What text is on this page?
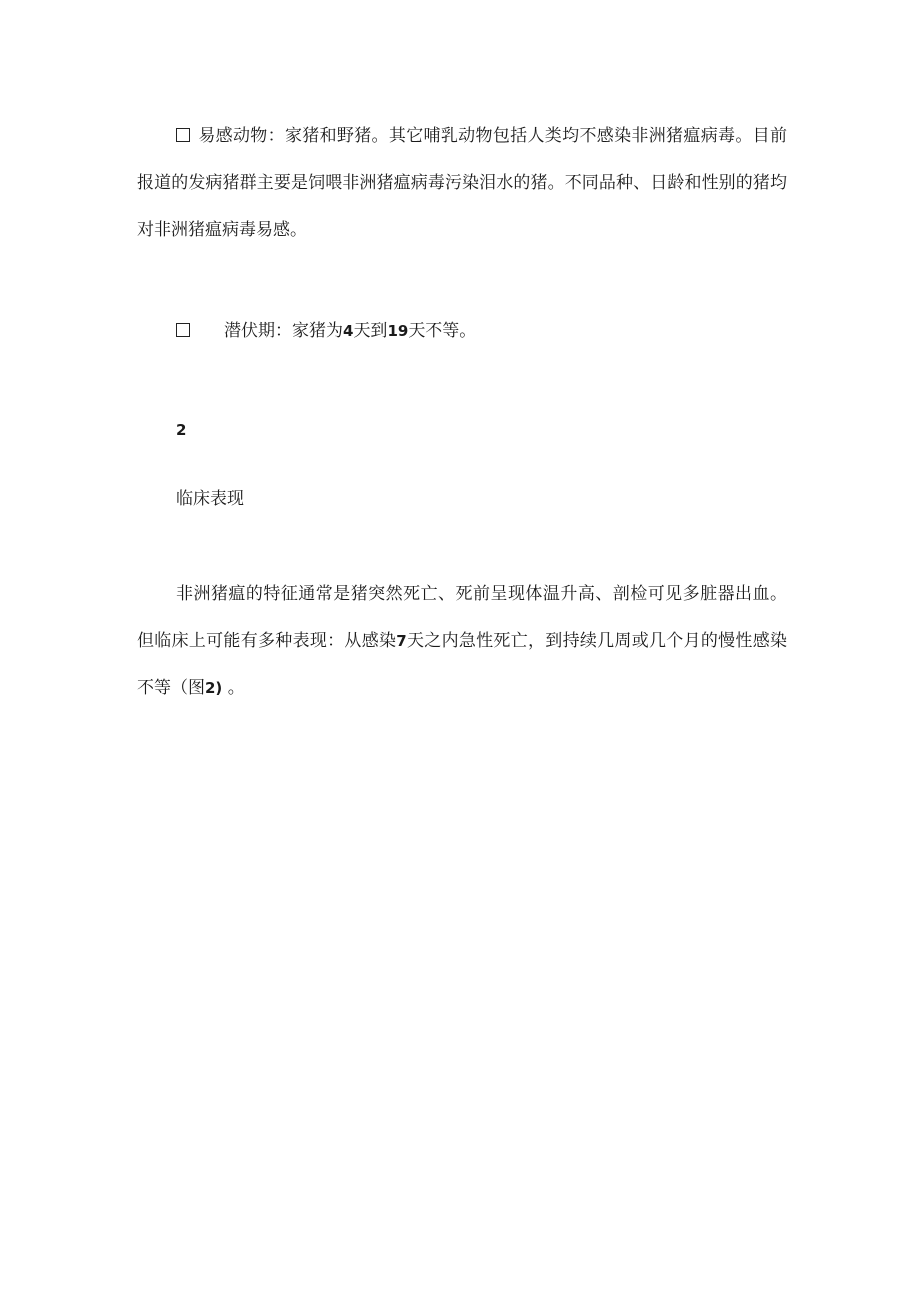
易感动物：家猪和野猪。其它哺乳动物包括人类均不感染非洲猪瘟病毒。目前报道的发病猪群主要是饲喂非洲猪瘟病毒污染泪水的猪。不同品种、日龄和性别的猪均对非洲猪瘟病毒易感。

潜伏期：家猪为4天到19天不等。
2
临床表现

非洲猪瘟的特征通常是猪突然死亡、死前呈现体温升高、剖检可见多脏器出血。但临床上可能有多种表现：从感染7天之内急性死亡，到持续几周或几个月的慢性感染不等（图2) 。
